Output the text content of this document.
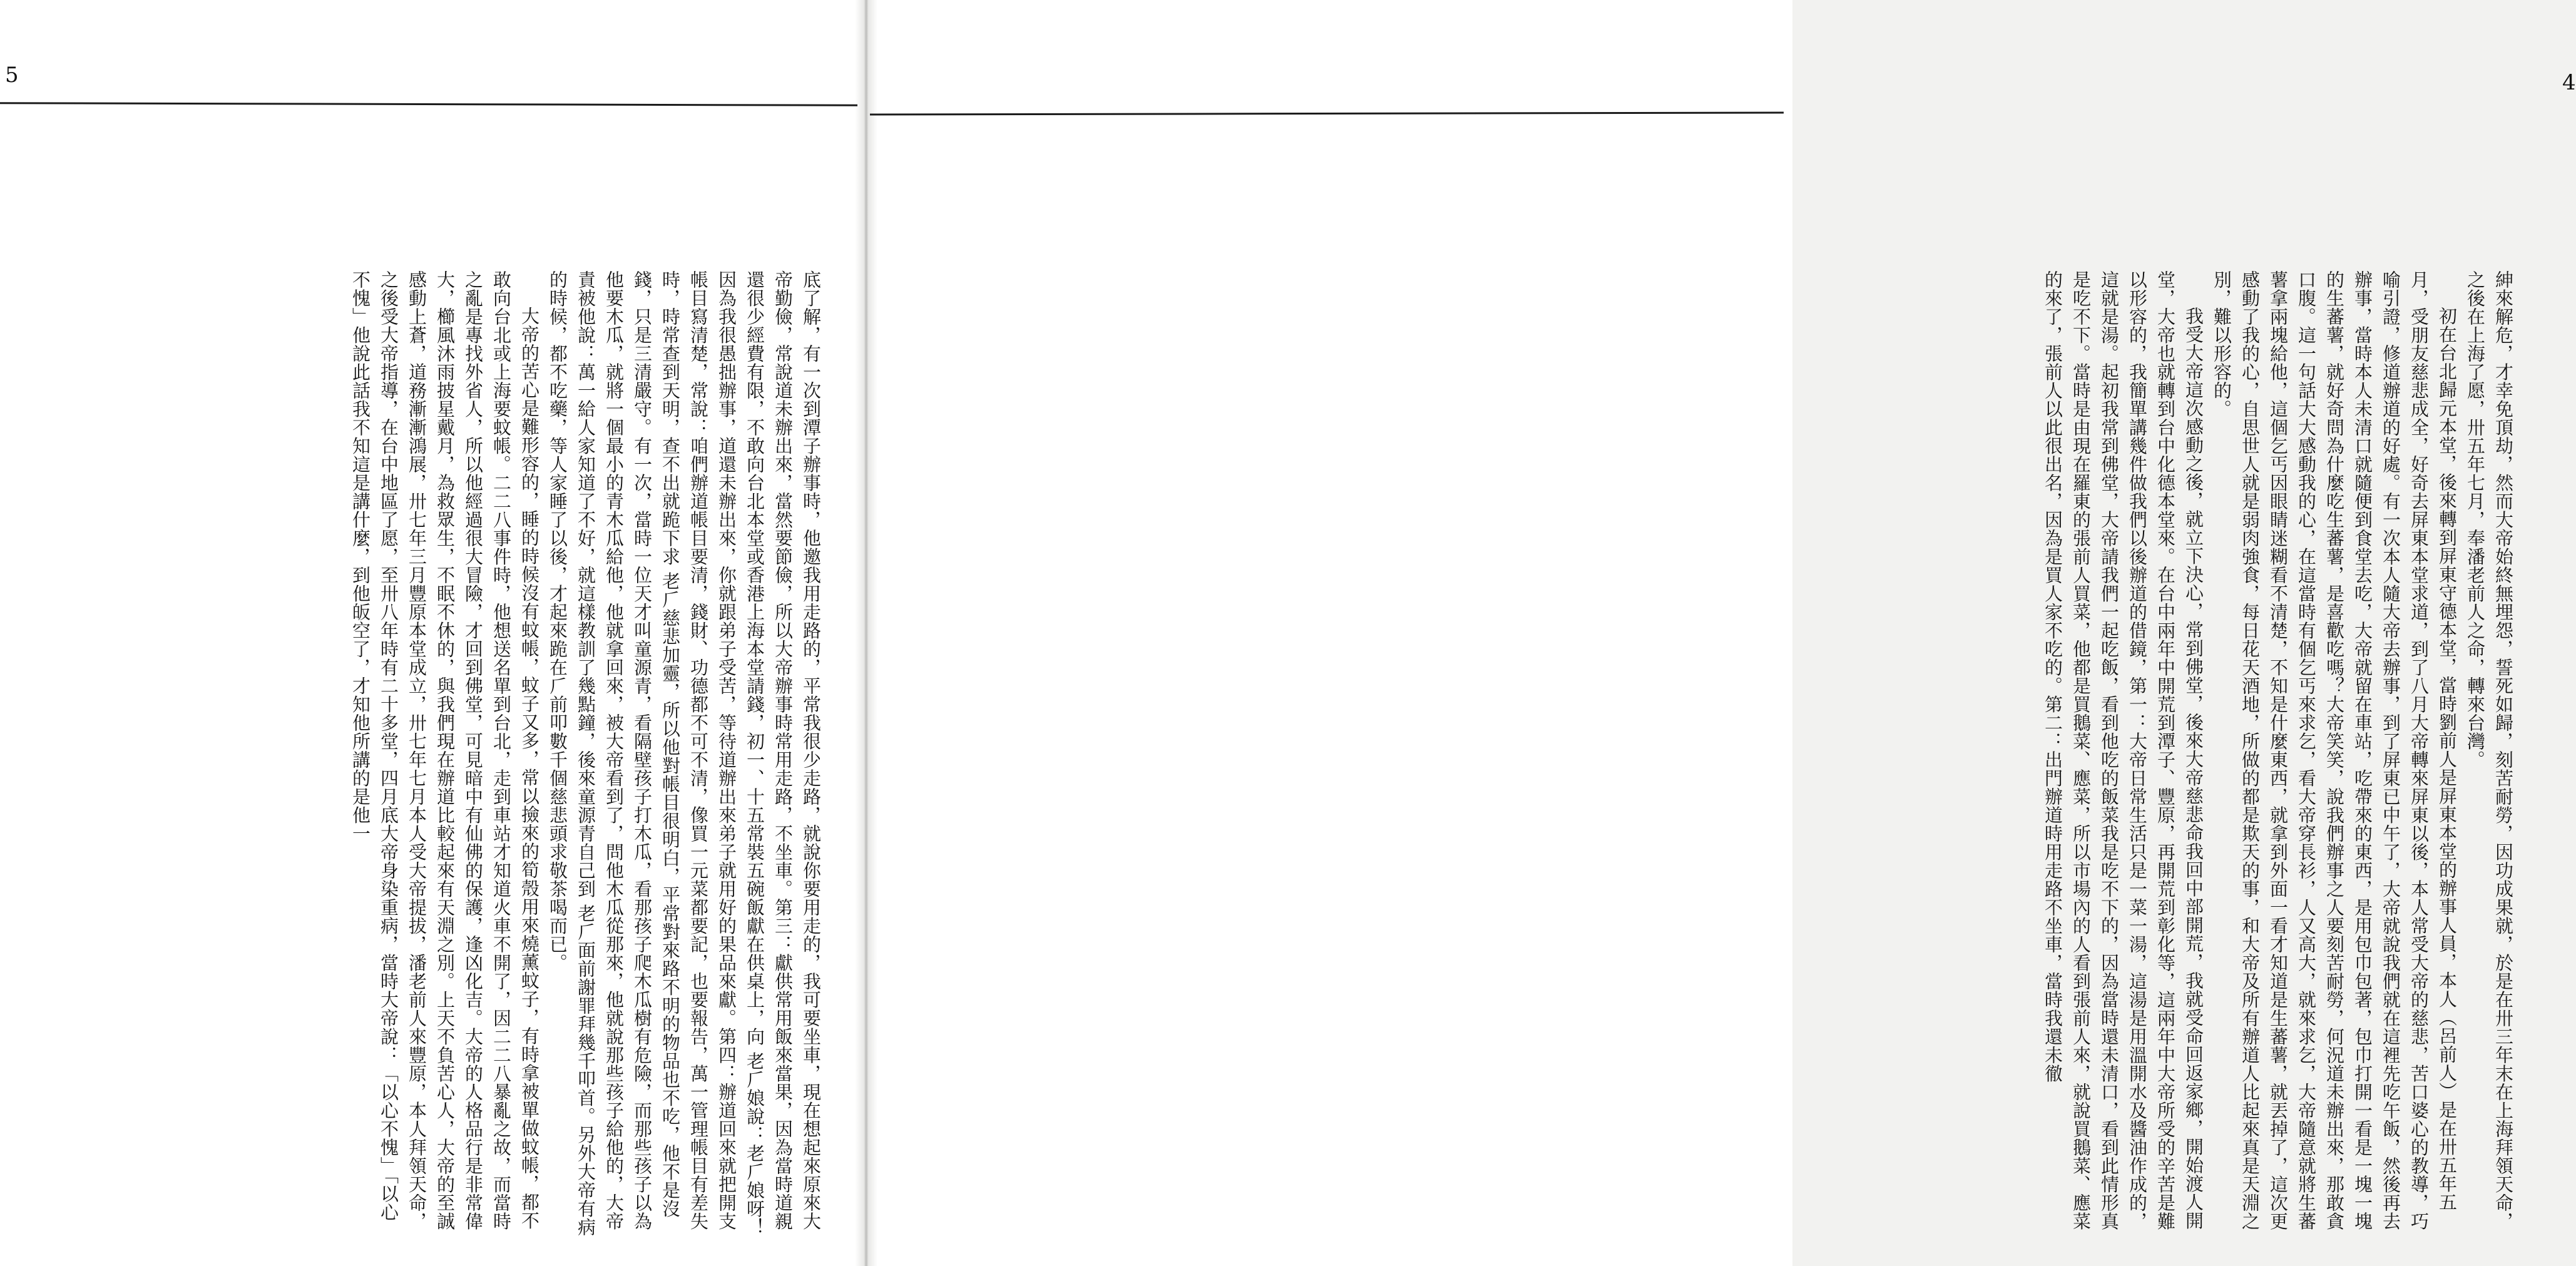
5

底了解，有一次到潭子辦事時，他邀我用走路的，平常我很少走路，就說你要用走的，我可要坐車，現在想起來原來大帝勤儉，常說道未辦出來，當然要節儉，所以大帝辦事時常用走路，不坐車。第三：獻供常用飯來當果，因為當時道親還很少經費有限，不敢向台北本堂或香港上海本堂請錢，初一、十五常裝五碗飯獻在供桌上，向 老𠂆娘說：老𠂆娘呀！因為我很愚拙辦事，道還未辦出來，你就跟弟子受苦，等待道辦出來弟子就用好的果品來獻。第四：辦道回來就把開支帳目寫清楚，常說：咱們辦道帳目要清，錢財、功德都不可不清，像買一元菜都要記，也要報告，萬一管理帳目有差失時，時常查到天明，查不出就跪下求 老𠂆慈悲加靈，所以他對帳目很明白，平常對來路不明的物品也不吃，他不是沒錢，只是三清嚴守。有一次，當時一位天才叫童源青，看隔壁孩子打木瓜，看那孩子爬木瓜樹有危險，而那些孩子以為他要木瓜，就將一個最小的青木瓜給他，他就拿回來，被大帝看到了，問他木瓜從那來，他就說那些孩子給他的，大帝責被他說：萬一給人家知道了不好，就這樣教訓了幾點鐘，後來童源青自己到 老𠂆面前謝罪拜幾千叩首。另外大帝有病的時候，都不吃藥，等人家睡了以後，才起來跪在𠂆前叩數千個慈悲頭求敬茶喝而已。

大帝的苦心是難形容的，睡的時候沒有蚊帳，蚊子又多，常以撿來的筍殼用來燒薰蚊子，有時拿被單做蚊帳，都不敢向台北或上海要蚊帳。二二八事件時，他想送名單到台北，走到車站才知道火車不開了，因二二八暴亂之故，而當時之亂是專找外省人，所以他經過很大冒險，才回到佛堂，可見暗中有仙佛的保護，逢凶化吉。大帝的人格品行是非常偉大，櫛風沐雨披星戴月，為救眾生，不眠不休的，與我們現在辦道比較起來有天淵之別。上天不負苦心人，大帝的至誠感動上蒼，道務漸漸鴻展，卅七年三月豐原本堂成立，卅七年七月本人受大帝提拔，潘老前人來豐原，本人拜領天命，之後受大帝指導，在台中地區了愿，至卅八年時有二十多堂，四月底大帝身染重病，當時大帝說：「以心不愧」「以心不愧」他說此話我不知這是講什麼，到他皈空了，才知他所講的是他一

4

紳來解危，才幸免頂劫，然而大帝始終無埋怨，誓死如歸，刻苦耐勞，因功成果就，於是在卅三年末在上海拜領天命，之後在上海了愿，卅五年七月，奉潘老前人之命，轉來台灣。

初在台北歸元本堂，後來轉到屏東守德本堂，當時劉前人是屏東本堂的辦事人員，本人（呂前人）是在卅五年五月，受朋友慈悲成全，好奇去屏東本堂求道，到了八月大帝轉來屏東以後，本人常受大帝的慈悲，苦口婆心的教導，巧喻引證，修道辦道的好處。有一次本人隨大帝去辦事，到了屏東已中午了，大帝就說我們就在這裡先吃午飯，然後再去辦事，當時本人未清口就隨便到食堂去吃，大帝就留在車站，吃帶來的東西，是用包巾包著，包巾打開一看是一塊一塊的生蕃薯，就好奇問為什麼吃生蕃薯，是喜歡吃嗎？大帝笑笑，說我們辦事之人要刻苦耐勞，何況道未辦出來，那敢貪口腹。這一句話大大感動我的心，在這當時有個乞丐來求乞，看大帝穿長衫，人又高大，就來求乞，大帝隨意就將生蕃薯拿兩塊給他，這個乞丐因眼睛迷糊看不清楚，不知是什麼東西，就拿到外面一看才知道是生蕃薯，就丟掉了，這次更感動了我的心，自思世人就是弱肉強食，每日花天酒地，所做的都是欺天的事，和大帝及所有辦道人比起來真是天淵之別，難以形容的。

我受大帝這次感動之後，就立下決心，常到佛堂，後來大帝慈悲命我回中部開荒，我就受命回返家鄉，開始渡人開堂，大帝也就轉到台中化德本堂來。在台中兩年中開荒到潭子、豐原，再開荒到彰化等，這兩年中大帝所受的辛苦是難以形容的，我簡單講幾件做我們以後辦道的借鏡，第一：大帝日常生活只是一菜一湯，這湯是用溫開水及醬油作成的，這就是湯。起初我常到佛堂，大帝請我們一起吃飯，看到他吃的飯菜我是吃不下的，因為當時還未清口，看到此情形真是吃不下。當時是由現在羅東的張前人買菜，他都是買鵝菜、應菜，所以市場內的人看到張前人來，就說買鵝菜、應菜的來了，張前人以此很出名，因為是買人家不吃的。第二：出門辦道時用走路不坐車，當時我還未徹
